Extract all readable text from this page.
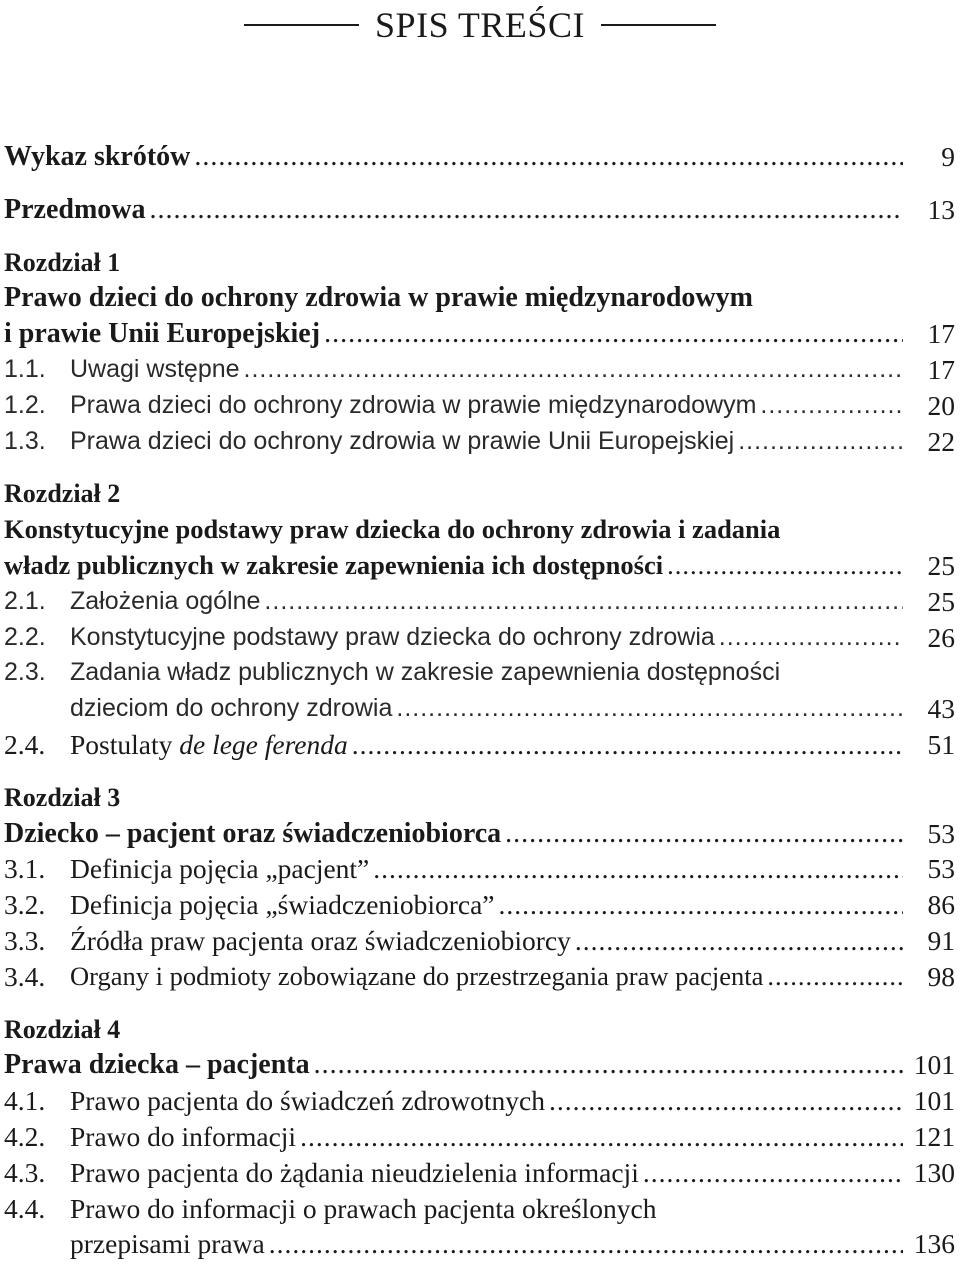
SPIS TREŚCI
Wykaz skrótów .....	9
Przedmowa .....	13
Rozdział 1
Prawo dzieci do ochrony zdrowia w prawie międzynarodowym
i prawie Unii Europejskiej .....	17
1.1. Uwagi wstępne .....	17
1.2. Prawa dzieci do ochrony zdrowia w prawie międzynarodowym .....	20
1.3. Prawa dzieci do ochrony zdrowia w prawie Unii Europejskiej .....	22
Rozdział 2
Konstytucyjne podstawy praw dziecka do ochrony zdrowia i zadania
władz publicznych w zakresie zapewnienia ich dostępności .....	25
2.1. Założenia ogólne .....	25
2.2. Konstytucyjne podstawy praw dziecka do ochrony zdrowia .....	26
2.3. Zadania władz publicznych w zakresie zapewnienia dostępności
dzieciom do ochrony zdrowia .....	43
2.4. Postulaty de lege ferenda .....	51
Rozdział 3
Dziecko – pacjent oraz świadczeniobiorca .....	53
3.1. Definicja pojęcia „pacjent” .....	53
3.2. Definicja pojęcia „świadczeniobiorca” .....	86
3.3. Źródła praw pacjenta oraz świadczeniobiorcy .....	91
3.4. Organy i podmioty zobowiązane do przestrzegania praw pacjenta .....	98
Rozdział 4
Prawa dziecka – pacjenta .....	101
4.1. Prawo pacjenta do świadczeń zdrowotnych .....	101
4.2. Prawo do informacji .....	121
4.3. Prawo pacjenta do żądania nieudzielenia informacji .....	130
4.4. Prawo do informacji o prawach pacjenta określonych
przepisami prawa .....	136
